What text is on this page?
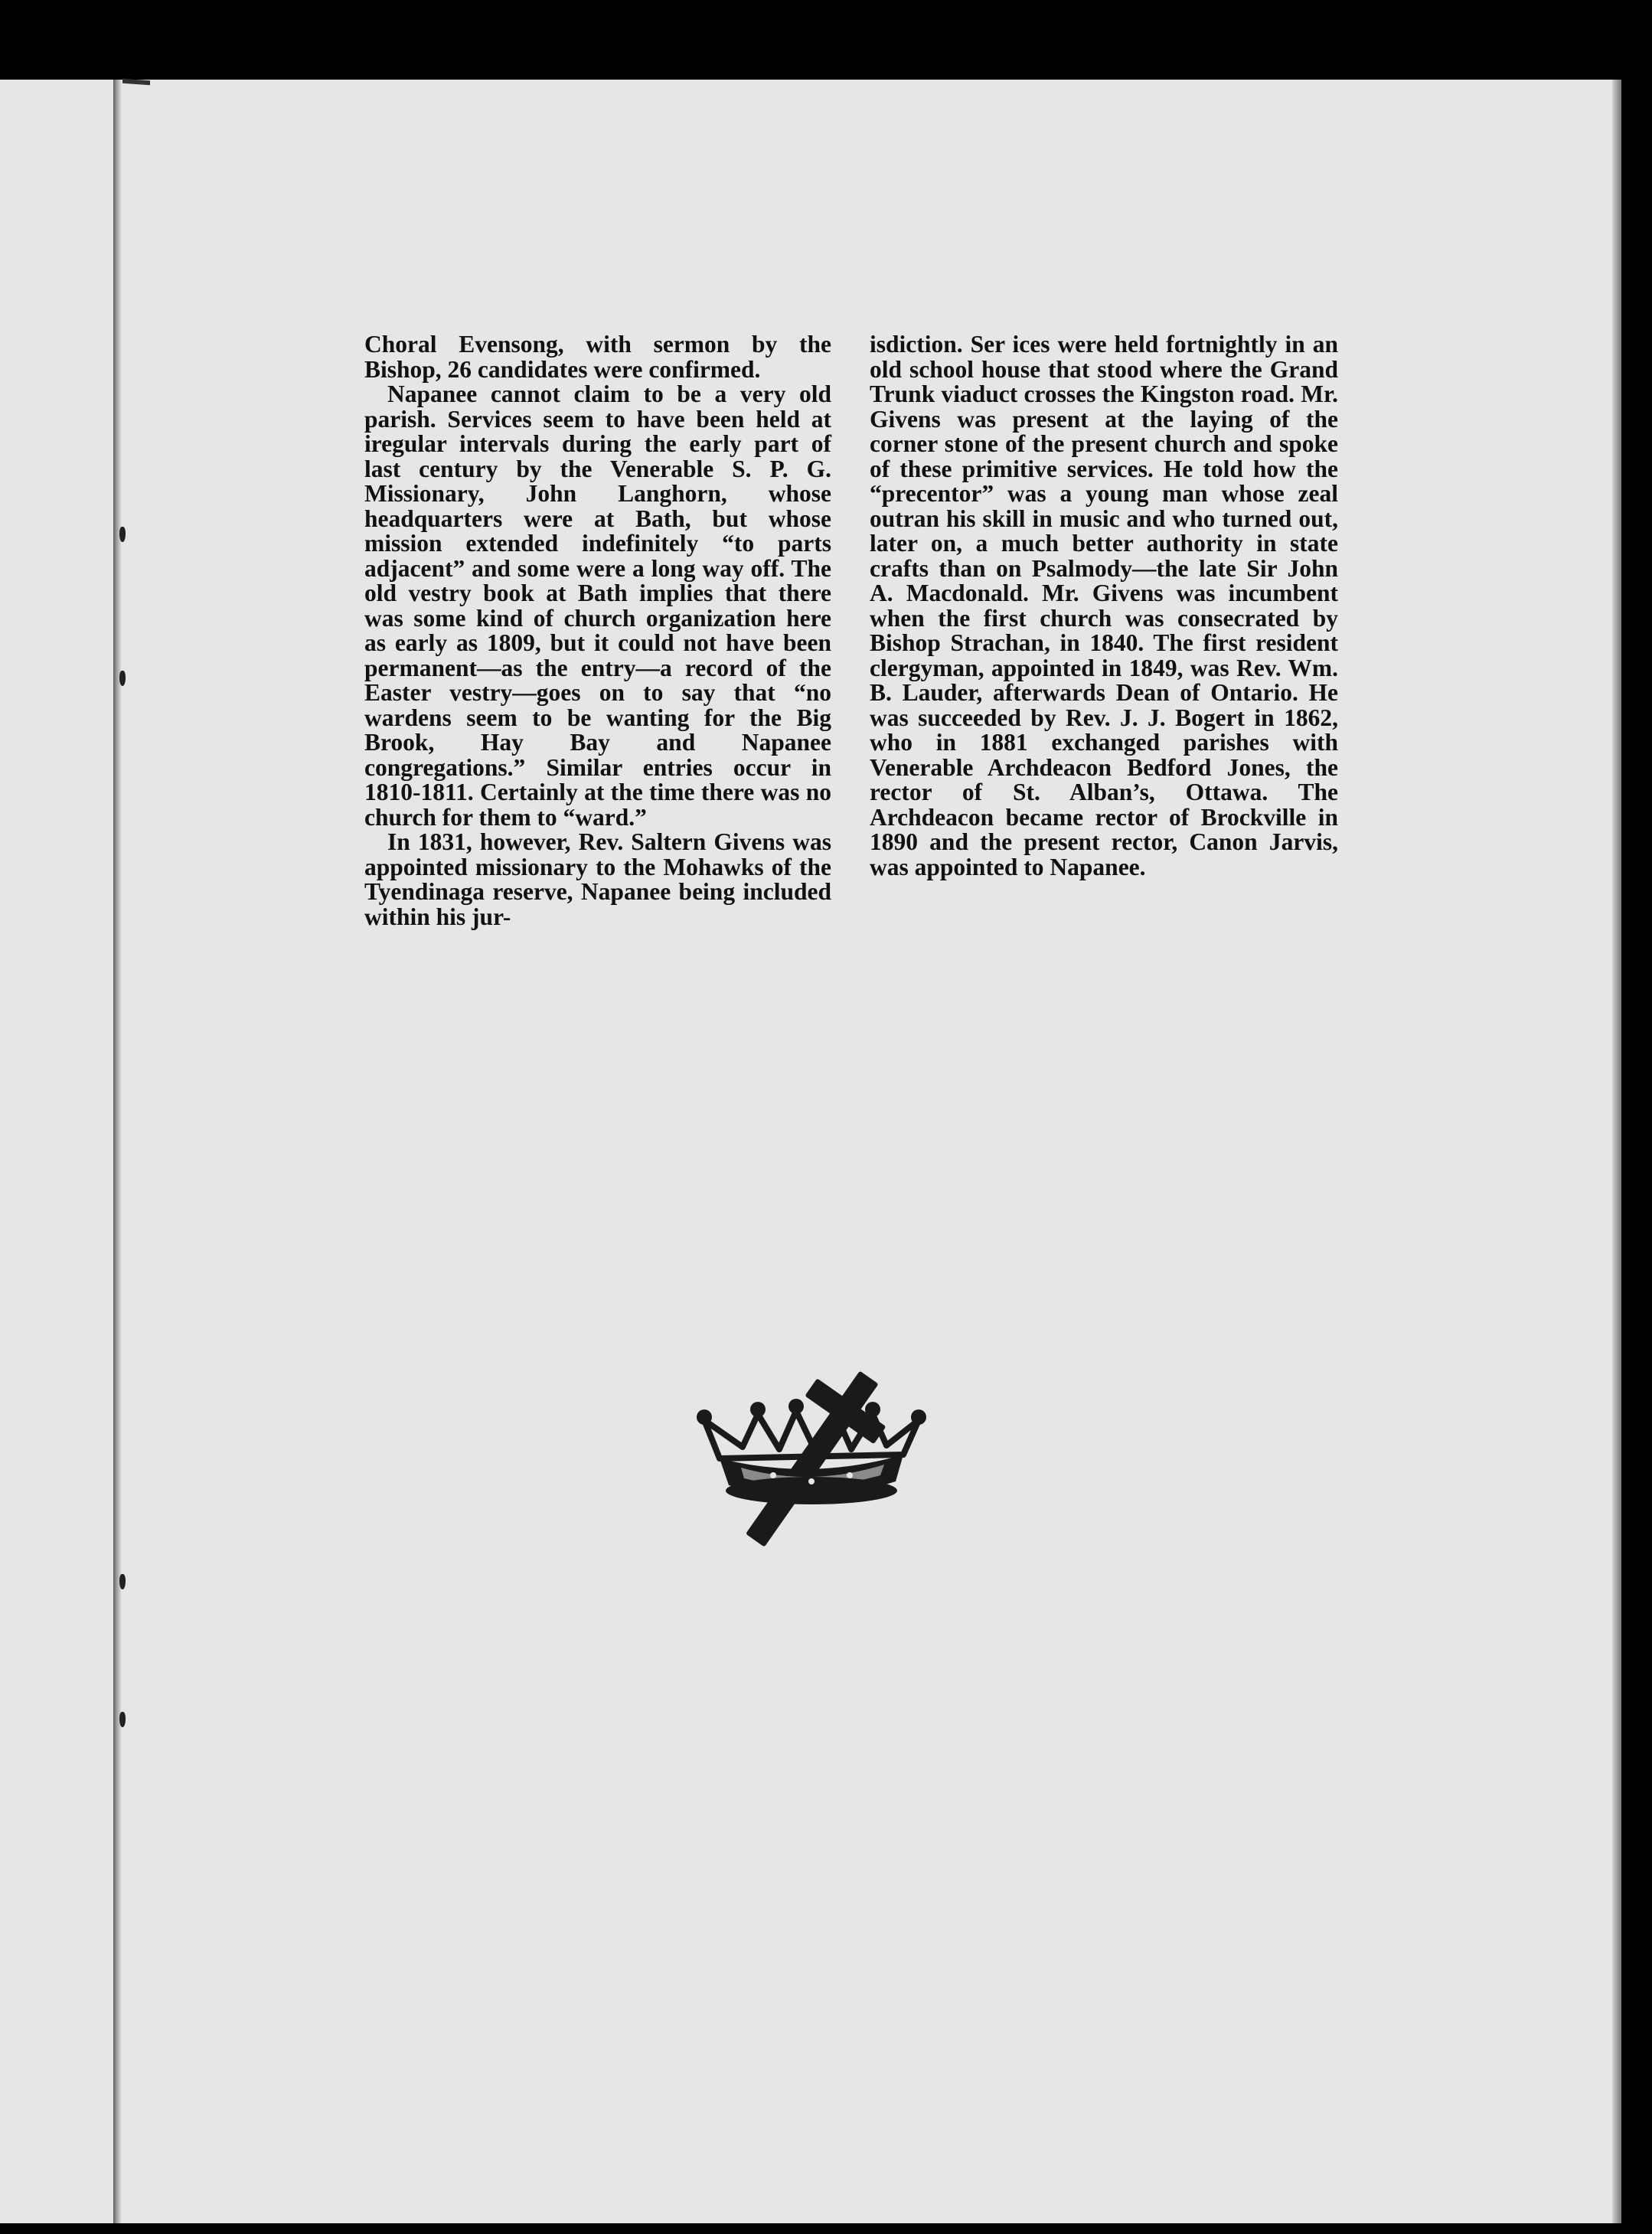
Choral Evensong, with sermon by the Bishop, 26 candidates were confirmed.

Napanee cannot claim to be a very old parish. Services seem to have been held at iregular intervals during the early part of last century by the Venerable S. P. G. Missionary, John Langhorn, whose headquarters were at Bath, but whose mission extended indefinitely “to parts adjacent” and some were a long way off. The old vestry book at Bath implies that there was some kind of church organization here as early as 1809, but it could not have been permanent—as the entry—a record of the Easter vestry—goes on to say that “no wardens seem to be wanting for the Big Brook, Hay Bay and Napanee congregations.” Similar entries occur in 1810-1811. Certainly at the time there was no church for them to “ward.”

In 1831, however, Rev. Saltern Givens was appointed missionary to the Mohawks of the Tyendinaga reserve, Napanee being included within his jur-

isdiction. Ser ices were held fortnightly in an old school house that stood where the Grand Trunk viaduct crosses the Kingston road. Mr. Givens was present at the laying of the corner stone of the present church and spoke of these primitive services. He told how the “precentor” was a young man whose zeal outran his skill in music and who turned out, later on, a much better authority in state crafts than on Psalmody—the late Sir John A. Macdonald. Mr. Givens was incumbent when the first church was consecrated by Bishop Strachan, in 1840. The first resident clergyman, appointed in 1849, was Rev. Wm. B. Lauder, afterwards Dean of Ontario. He was succeeded by Rev. J. J. Bogert in 1862, who in 1881 exchanged parishes with Venerable Archdeacon Bedford Jones, the rector of St. Alban’s, Ottawa. The Archdeacon became rector of Brockville in 1890 and the present rector, Canon Jarvis, was appointed to Napanee.
